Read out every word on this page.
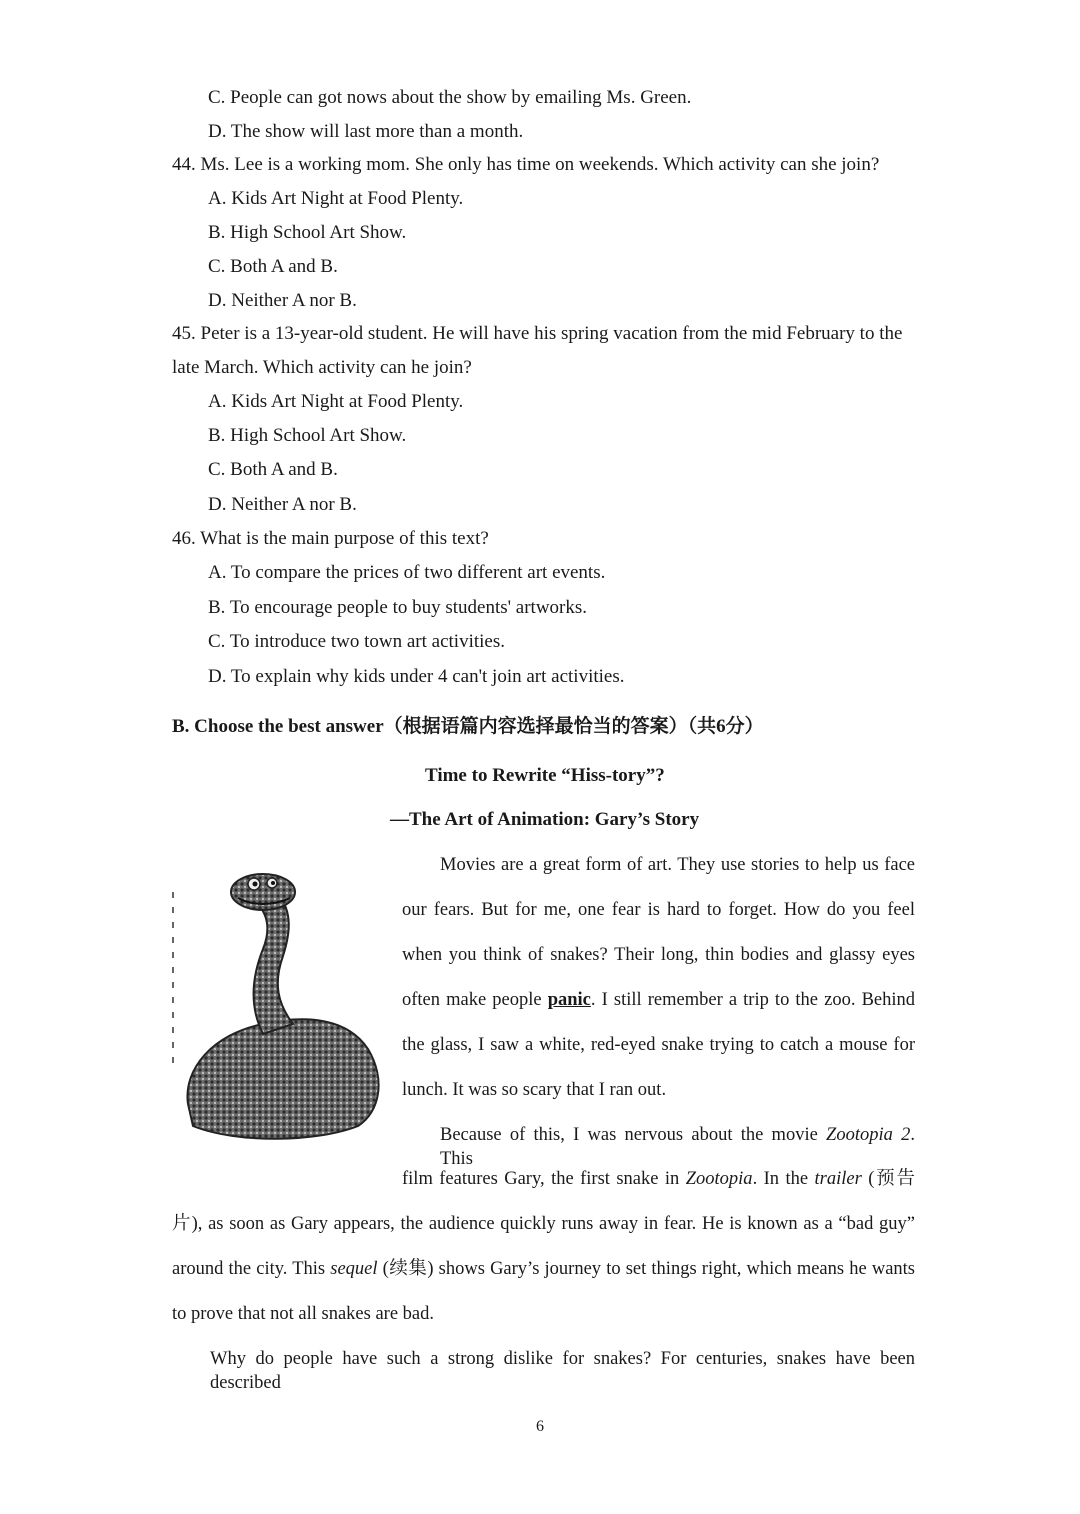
C. People can got nows about the show by emailing Ms. Green.
D. The show will last more than a month.
44. Ms. Lee is a working mom. She only has time on weekends. Which activity can she join?
A. Kids Art Night at Food Plenty.
B. High School Art Show.
C. Both A and B.
D. Neither A nor B.
45. Peter is a 13-year-old student. He will have his spring vacation from the mid February to the
late March. Which activity can he join?
A. Kids Art Night at Food Plenty.
B. High School Art Show.
C. Both A and B.
D. Neither A nor B.
46. What is the main purpose of this text?
A. To compare the prices of two different art events.
B. To encourage people to buy students' artworks.
C. To introduce two town art activities.
D. To explain why kids under 4 can't join art activities.
B. Choose the best answer（根据语篇内容选择最恰当的答案）（共6分）
Time to Rewrite “Hiss-tory”?
—The Art of Animation: Gary’s Story
Movies are a great form of art. They use stories to help us face
our fears. But for me, one fear is hard to forget. How do you feel
when you think of snakes? Their long, thin bodies and glassy eyes
often make people panic. I still remember a trip to the zoo. Behind
the glass, I saw a white, red-eyed snake trying to catch a mouse for
lunch. It was so scary that I ran out.
Because of this, I was nervous about the movie Zootopia 2. This
film features Gary, the first snake in Zootopia. In the trailer (预告
片), as soon as Gary appears, the audience quickly runs away in fear. He is known as a “bad guy”
around the city. This sequel (续集) shows Gary’s journey to set things right, which means he wants
to prove that not all snakes are bad.
Why do people have such a strong dislike for snakes? For centuries, snakes have been described
6
